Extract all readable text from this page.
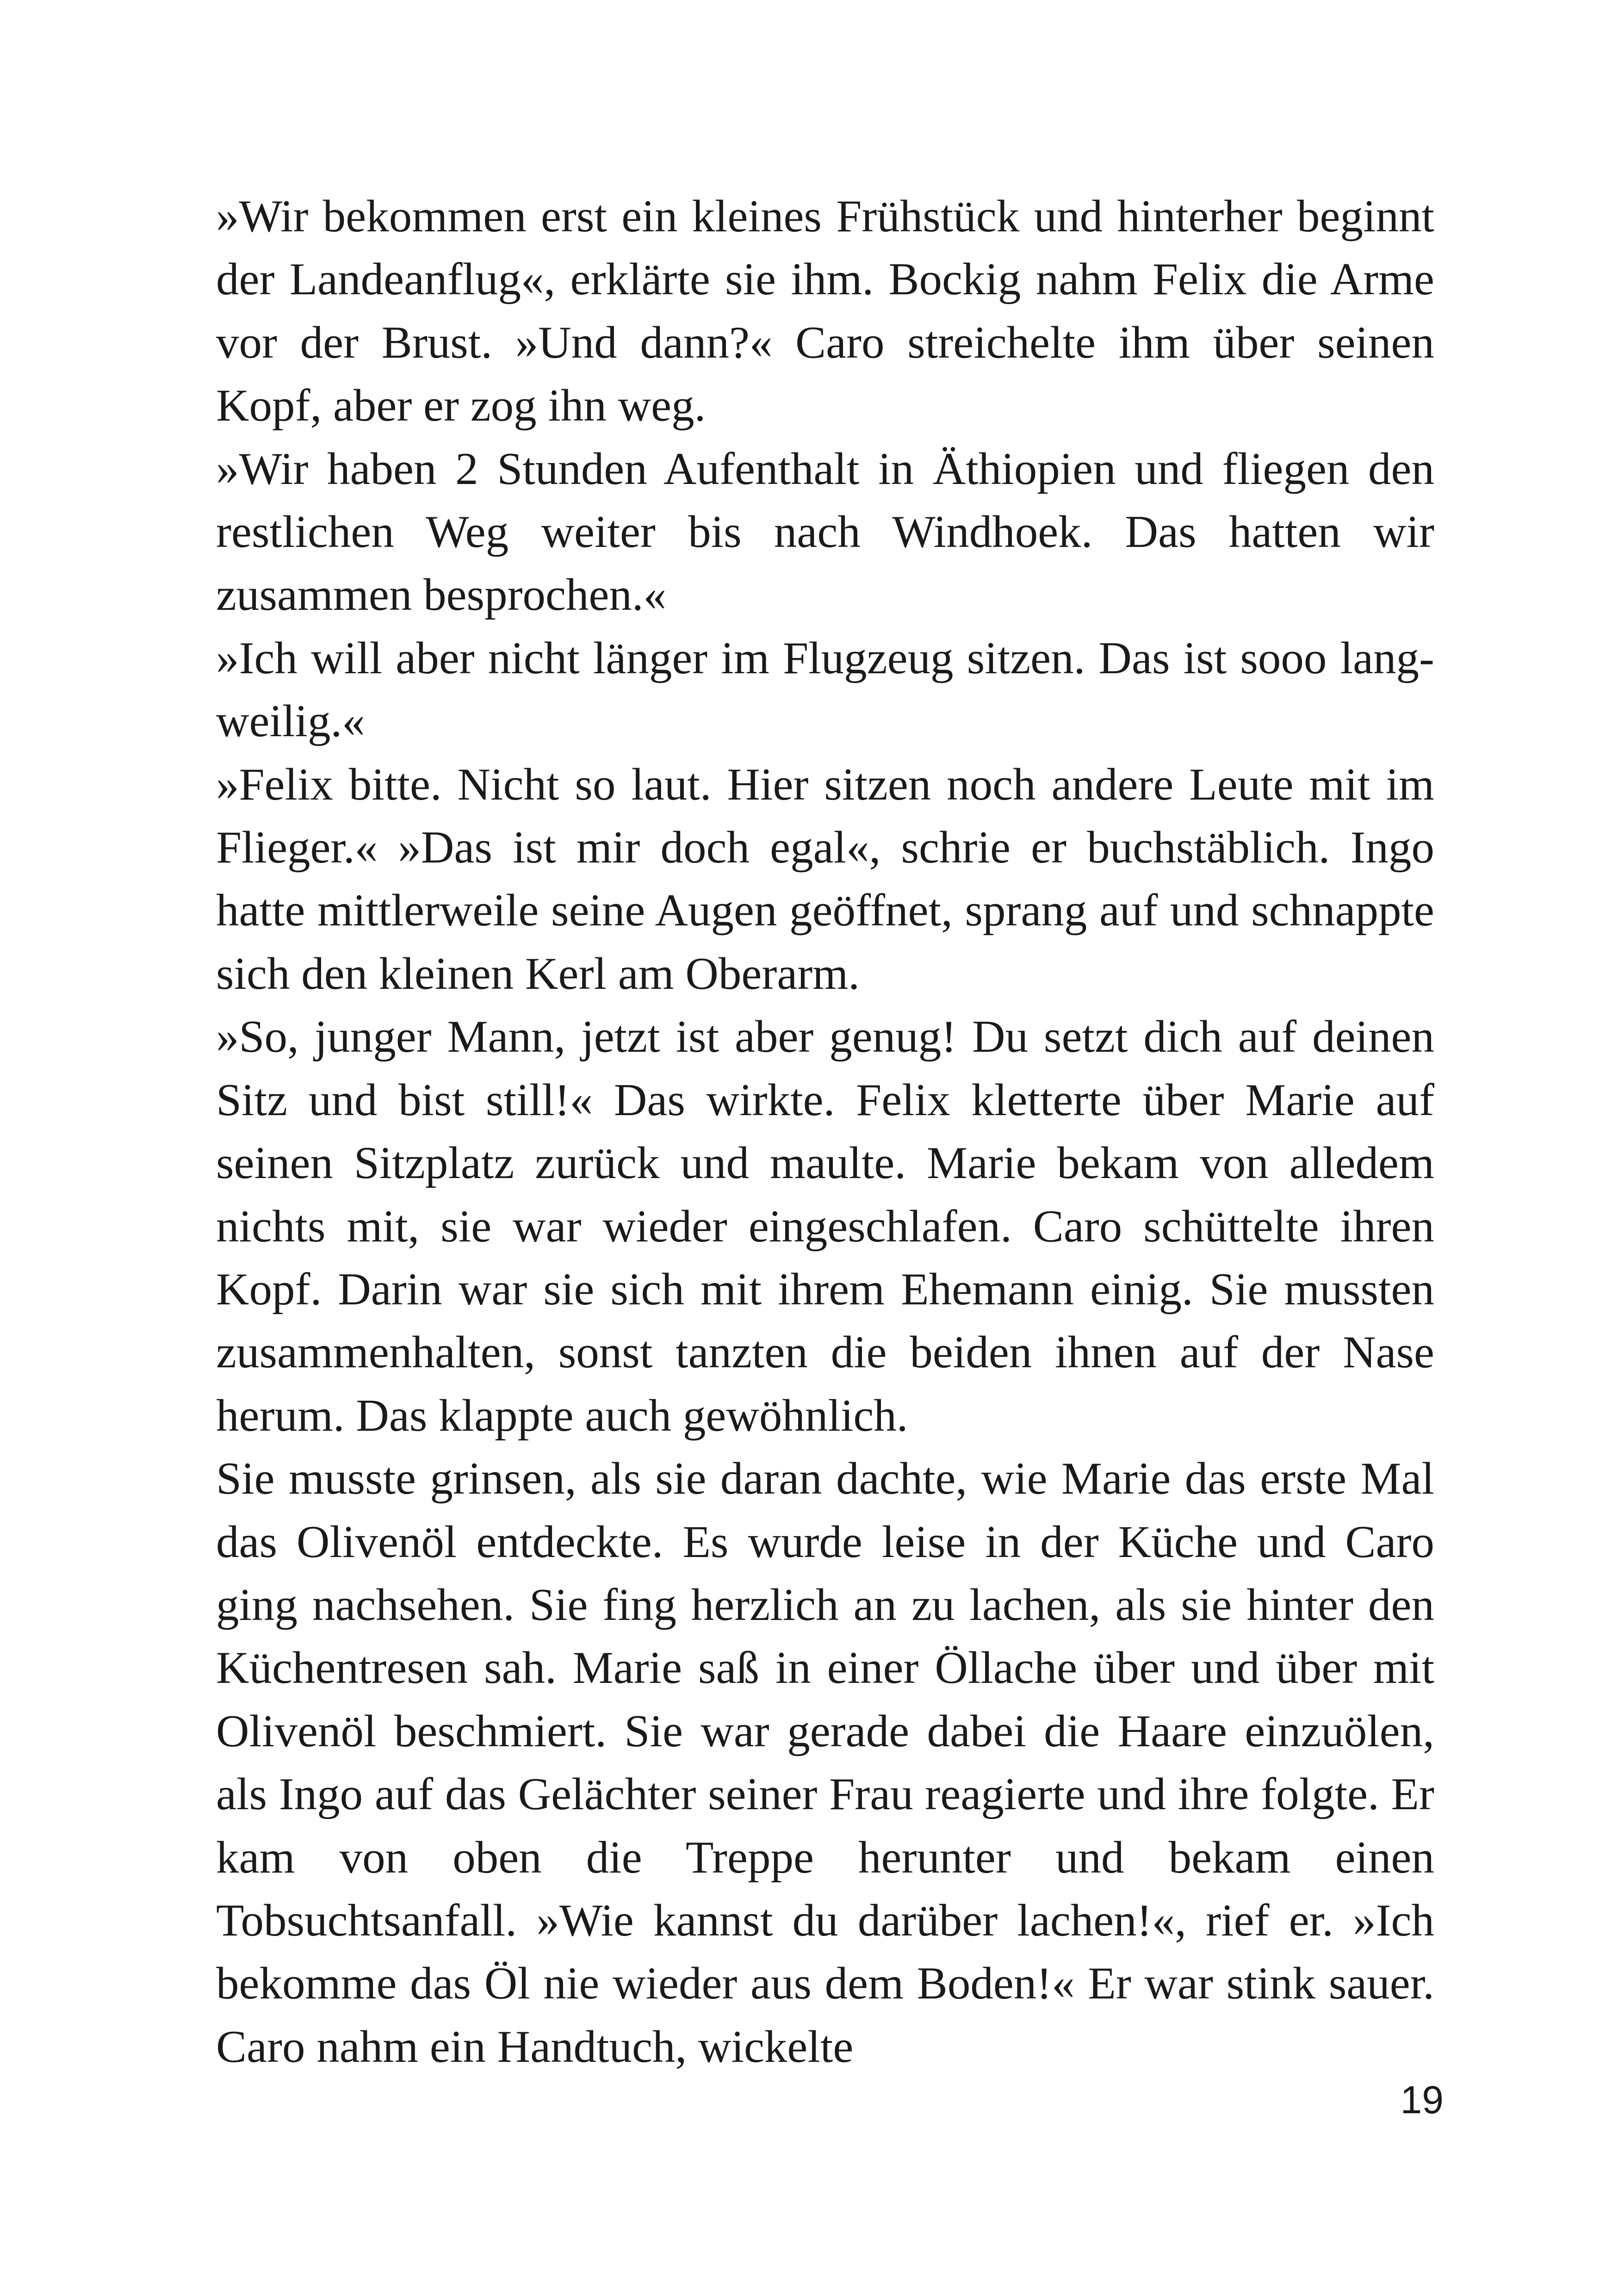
»Wir bekommen erst ein kleines Frühstück und hinterher beginnt der Landeanflug«, erklärte sie ihm. Bockig nahm Felix die Arme vor der Brust. »Und dann?« Caro streichelte ihm über seinen Kopf, aber er zog ihn weg.

»Wir haben 2 Stunden Aufenthalt in Äthiopien und fliegen den restlichen Weg weiter bis nach Windhoek. Das hatten wir zusammen besprochen.«

»Ich will aber nicht länger im Flugzeug sitzen. Das ist sooo langweilig.«

»Felix bitte. Nicht so laut. Hier sitzen noch andere Leute mit im Flieger.« »Das ist mir doch egal«, schrie er buchstäblich. Ingo hatte mittlerweile seine Augen geöffnet, sprang auf und schnappte sich den kleinen Kerl am Oberarm.

»So, junger Mann, jetzt ist aber genug! Du setzt dich auf deinen Sitz und bist still!« Das wirkte. Felix kletterte über Marie auf seinen Sitzplatz zurück und maulte. Marie bekam von alledem nichts mit, sie war wieder eingeschlafen. Caro schüttelte ihren Kopf. Darin war sie sich mit ihrem Ehemann einig. Sie mussten zusammenhalten, sonst tanzten die beiden ihnen auf der Nase herum. Das klappte auch gewöhnlich.

Sie musste grinsen, als sie daran dachte, wie Marie das erste Mal das Olivenöl entdeckte. Es wurde leise in der Küche und Caro ging nachsehen. Sie fing herzlich an zu lachen, als sie hinter den Küchentresen sah. Marie saß in einer Öllache über und über mit Olivenöl beschmiert. Sie war gerade dabei die Haare einzuölen, als Ingo auf das Gelächter seiner Frau reagierte und ihre folgte. Er kam von oben die Treppe herunter und bekam einen Tobsuchtsanfall. »Wie kannst du darüber lachen!«, rief er. »Ich bekomme das Öl nie wieder aus dem Boden!« Er war stink sauer. Caro nahm ein Handtuch, wickelte

19
